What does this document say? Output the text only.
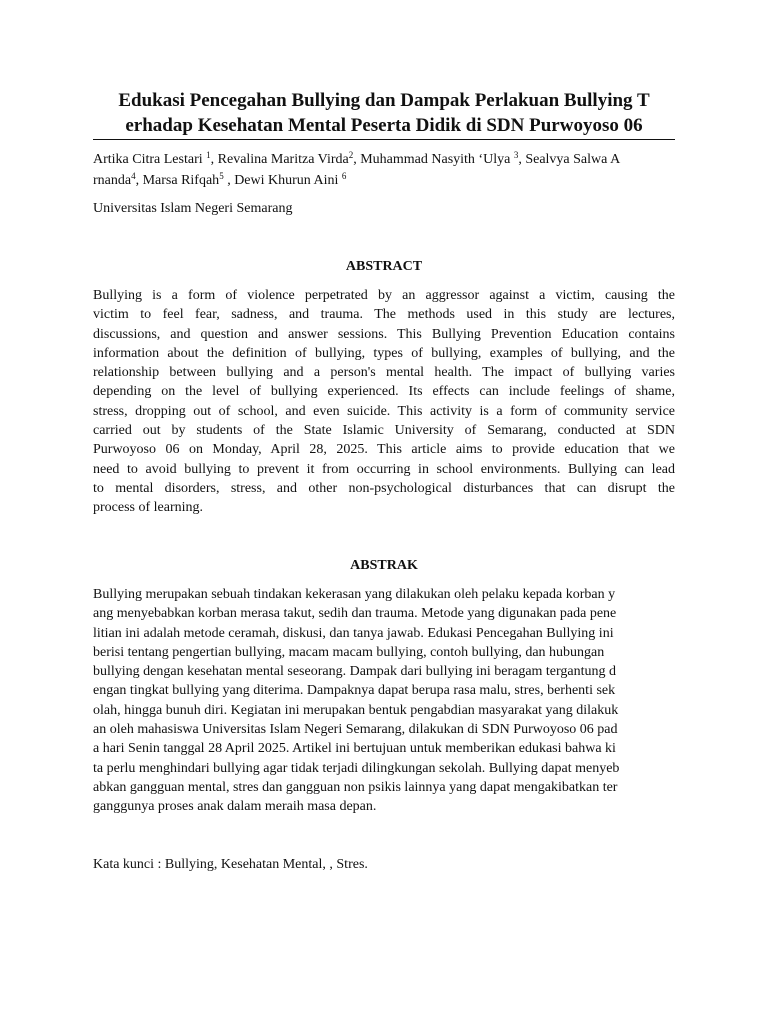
Edukasi Pencegahan Bullying dan Dampak Perlakuan Bullying T
erhadap Kesehatan Mental Peserta Didik di SDN Purwoyoso 06
Artika Citra Lestari $^1$, Revalina Maritza Virda$^2$, Muhammad Nasyith ‘Ulya $^3$, Sealvya Salwa A
rnanda$^4$, Marsa Rifqah$^5$ , Dewi Khurun Aini $^6$
Universitas Islam Negeri Semarang
ABSTRACT
Bullying is a form of violence perpetrated by an aggressor against a victim, causing the
victim to feel fear, sadness, and trauma. The methods used in this study are lectures,
discussions, and question and answer sessions. This Bullying Prevention Education contains
information about the definition of bullying, types of bullying, examples of bullying, and the
relationship between bullying and a person's mental health. The impact of bullying varies
depending on the level of bullying experienced. Its effects can include feelings of shame,
stress, dropping out of school, and even suicide. This activity is a form of community service
carried out by students of the State Islamic University of Semarang, conducted at SDN
Purwoyoso 06 on Monday, April 28, 2025. This article aims to provide education that we
need to avoid bullying to prevent it from occurring in school environments. Bullying can lead
to mental disorders, stress, and other non-psychological disturbances that can disrupt the
process of learning.
ABSTRAK
Bullying merupakan sebuah tindakan kekerasan yang dilakukan oleh pelaku kepada korban y
ang menyebabkan korban merasa takut, sedih dan trauma. Metode yang digunakan pada pene
litian ini adalah metode ceramah, diskusi, dan tanya jawab. Edukasi Pencegahan Bullying ini
berisi tentang pengertian bullying, macam macam bullying, contoh bullying, dan hubungan
bullying dengan kesehatan mental seseorang. Dampak dari bullying ini beragam tergantung d
engan tingkat bullying yang diterima. Dampaknya dapat berupa rasa malu, stres, berhenti sek
olah, hingga bunuh diri. Kegiatan ini merupakan bentuk pengabdian masyarakat yang dilakuk
an oleh mahasiswa Universitas Islam Negeri Semarang, dilakukan di SDN Purwoyoso 06 pad
a hari Senin tanggal 28 April 2025. Artikel ini bertujuan untuk memberikan edukasi bahwa ki
ta perlu menghindari bullying agar tidak terjadi dilingkungan sekolah. Bullying dapat menyeb
abkan gangguan mental, stres dan gangguan non psikis lainnya yang dapat mengakibatkan ter
ganggunya proses anak dalam meraih masa depan.
Kata kunci : Bullying, Kesehatan Mental, , Stres.
